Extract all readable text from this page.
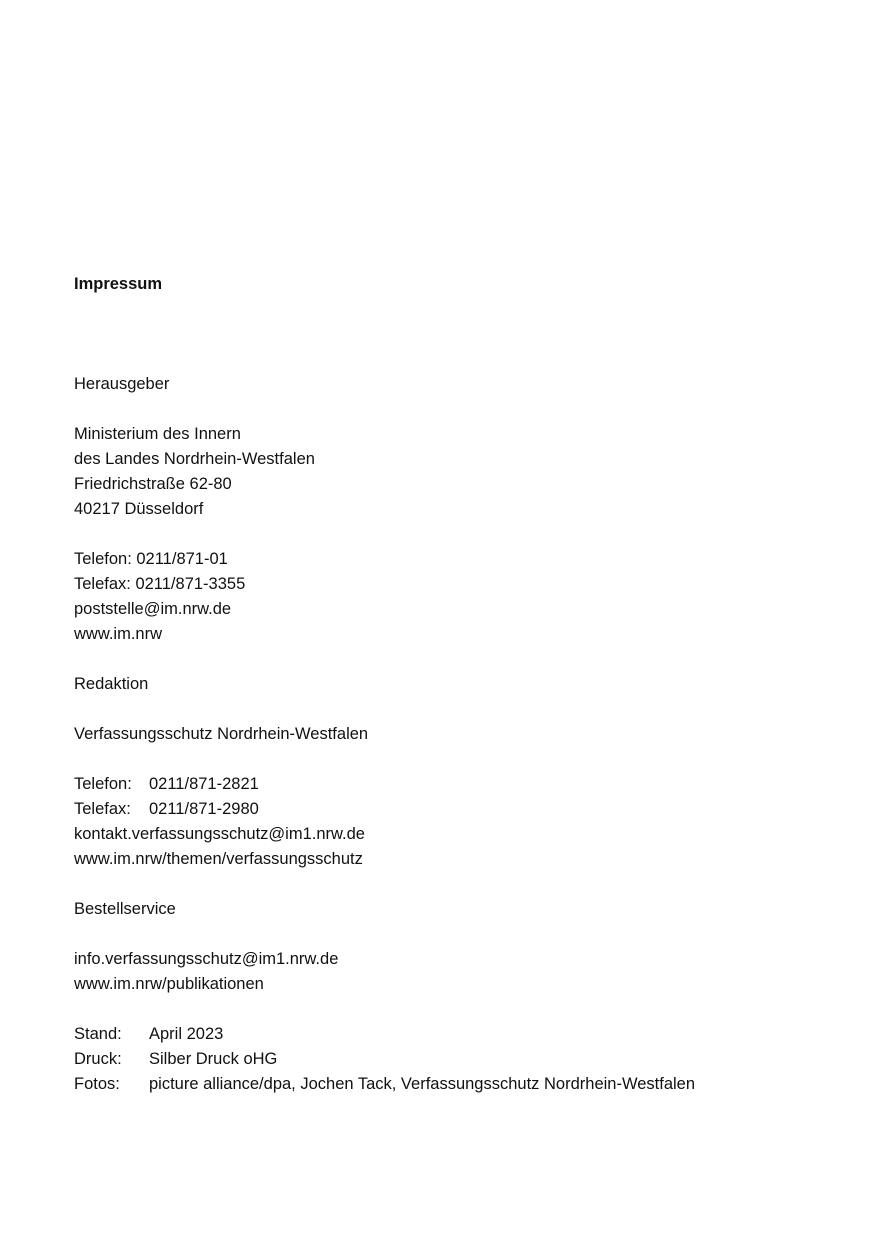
Impressum
Herausgeber
Ministerium des Innern
des Landes Nordrhein-Westfalen
Friedrichstraße 62-80
40217 Düsseldorf
Telefon: 0211/871-01
Telefax: 0211/871-3355
poststelle@im.nrw.de
www.im.nrw
Redaktion
Verfassungsschutz Nordrhein-Westfalen
Telefon:	0211/871-2821
Telefax:	0211/871-2980
kontakt.verfassungsschutz@im1.nrw.de
www.im.nrw/themen/verfassungsschutz
Bestellservice
info.verfassungsschutz@im1.nrw.de
www.im.nrw/publikationen
Stand:	April 2023
Druck:	Silber Druck oHG
Fotos:	picture alliance/dpa, Jochen Tack, Verfassungsschutz Nordrhein-Westfalen
